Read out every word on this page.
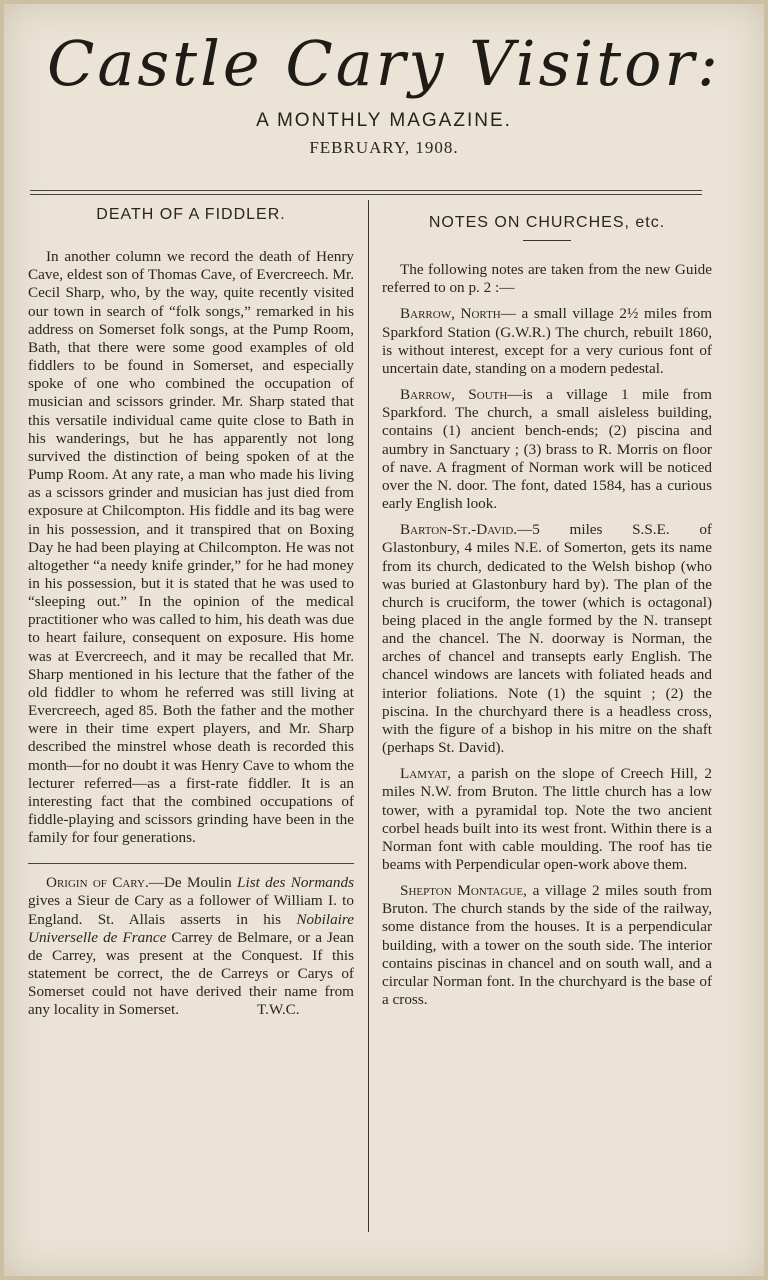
Castle Cary Visitor:
A MONTHLY MAGAZINE.
FEBRUARY, 1908.
DEATH OF A FIDDLER.

In another column we record the death of Henry Cave, eldest son of Thomas Cave, of Evercreech. Mr. Cecil Sharp, who, by the way, quite recently visited our town in search of “folk songs,” remarked in his address on Somerset folk songs, at the Pump Room, Bath, that there were some good examples of old fiddlers to be found in Somerset, and especially spoke of one who combined the occupation of musician and scissors grinder. Mr. Sharp stated that this versatile individual came quite close to Bath in his wanderings, but he has apparently not long survived the distinction of being spoken of at the Pump Room. At any rate, a man who made his living as a scissors grinder and musician has just died from exposure at Chilcompton. His fiddle and its bag were in his possession, and it transpired that on Boxing Day he had been playing at Chilcompton. He was not altogether “a needy knife grinder,” for he had money in his possession, but it is stated that he was used to “sleeping out.” In the opinion of the medical practitioner who was called to him, his death was due to heart failure, consequent on exposure. His home was at Evercreech, and it may be recalled that Mr. Sharp mentioned in his lecture that the father of the old fiddler to whom he referred was still living at Evercreech, aged 85. Both the father and the mother were in their time expert players, and Mr. Sharp described the minstrel whose death is recorded this month—for no doubt it was Henry Cave to whom the lecturer referred—as a first-rate fiddler. It is an interesting fact that the combined occupations of fiddle-playing and scissors grinding have been in the family for four generations.

Origin of Cary.—De Moulin List des Normands gives a Sieur de Cary as a follower of William I. to England. St. Allais asserts in his Nobilaire Universelle de France Carrey de Belmare, or a Jean de Carrey, was present at the Conquest. If this statement be correct, the de Carreys or Carys of Somerset could not have derived their name from any locality in Somerset.	T.W.C.

NOTES ON CHURCHES, etc.

The following notes are taken from the new Guide referred to on p. 2 :—

Barrow, North— a small village 2½ miles from Sparkford Station (G.W.R.) The church, rebuilt 1860, is without interest, except for a very curious font of uncertain date, standing on a modern pedestal.

Barrow, South—is a village 1 mile from Sparkford. The church, a small aisleless building, contains (1) ancient bench-ends; (2) piscina and aumbry in Sanctuary ; (3) brass to R. Morris on floor of nave. A fragment of Norman work will be noticed over the N. door. The font, dated 1584, has a curious early English look.

Barton-St.-David.—5 miles S.S.E. of Glastonbury, 4 miles N.E. of Somerton, gets its name from its church, dedicated to the Welsh bishop (who was buried at Glastonbury hard by). The plan of the church is cruciform, the tower (which is octagonal) being placed in the angle formed by the N. transept and the chancel. The N. doorway is Norman, the arches of chancel and transepts early English. The chancel windows are lancets with foliated heads and interior foliations. Note (1) the squint ; (2) the piscina. In the churchyard there is a headless cross, with the figure of a bishop in his mitre on the shaft (perhaps St. David).

Lamyat, a parish on the slope of Creech Hill, 2 miles N.W. from Bruton. The little church has a low tower, with a pyramidal top. Note the two ancient corbel heads built into its west front. Within there is a Norman font with cable moulding. The roof has tie beams with Perpendicular open-work above them.

Shepton Montague, a village 2 miles south from Bruton. The church stands by the side of the railway, some distance from the houses. It is a perpendicular building, with a tower on the south side. The interior contains piscinas in chancel and on south wall, and a circular Norman font. In the churchyard is the base of a cross.
